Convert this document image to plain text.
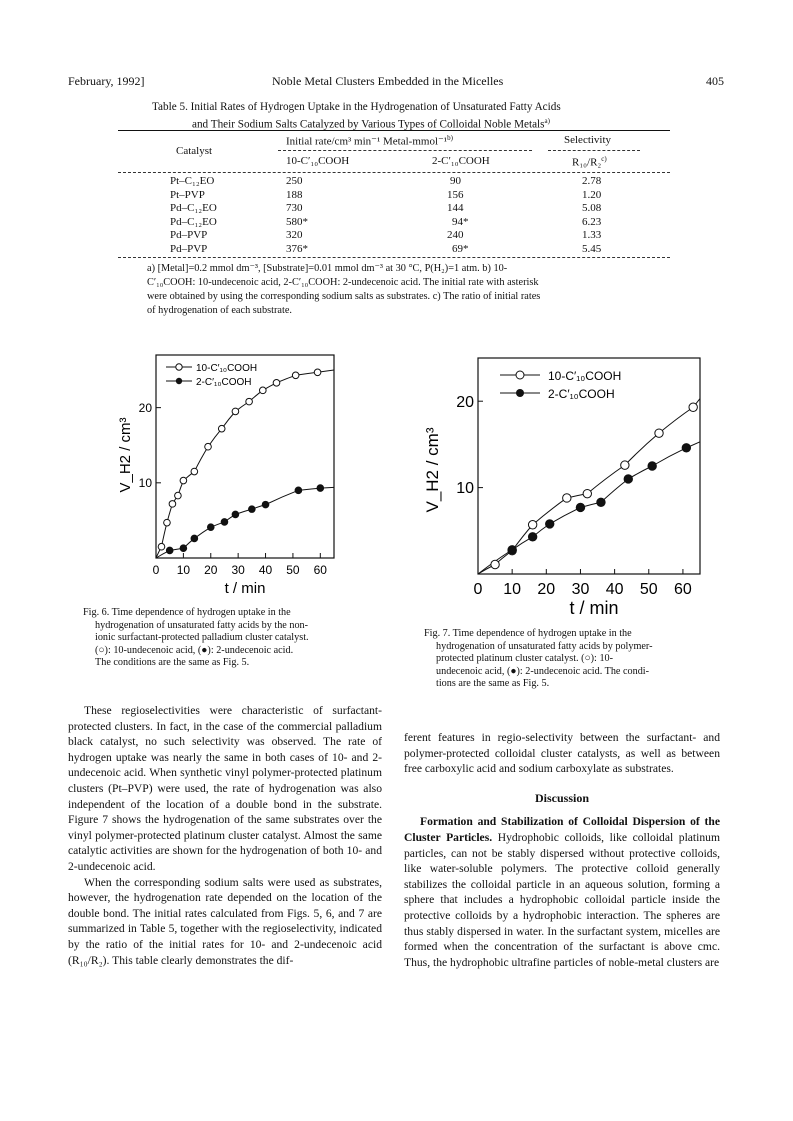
February, 1992]	Noble Metal Clusters Embedded in the Micelles	405
Table 5. Initial Rates of Hydrogen Uptake in the Hydrogenation of Unsaturated Fatty Acids
and Their Sodium Salts Catalyzed by Various Types of Colloidal Noble Metals$^{a)}$
Catalyst
Initial rate/cm³ min⁻¹ Metal-mmol⁻¹$^{b)}$	Selectivity
10-C′₁₀COOH	2-C′₁₀COOH	R₁₀/R₂$^{c)}$
Pt–C₁₂EO	250	90	2.78
Pt–PVP	188	156	1.20
Pd–C₁₂EO	730	144	5.08
Pd–C₁₂EO	580*	94*	6.23
Pd–PVP	320	240	1.33
Pd–PVP	376*	69*	5.45
a) [Metal]=0.2 mmol dm⁻³, [Substrate]=0.01 mmol dm⁻³ at 30 °C, P(H₂)=1 atm. b) 10-
C′₁₀COOH: 10-undecenoic acid, 2-C′₁₀COOH: 2-undecenoic acid. The initial rate with asterisk
were obtained by using the corresponding sodium salts as substrates. c) The ratio of initial rates
of hydrogenation of each substrate.
0 10 20 30 40 50 60
10
20
10-C′₁₀COOH
2-C′₁₀COOH
t / min
V_H2 / cm³
Fig. 6. Time dependence of hydrogen uptake in the
hydrogenation of unsaturated fatty acids by the non-
ionic surfactant-protected palladium cluster catalyst.
(○): 10-undecenoic acid, (●): 2-undecenoic acid.
The conditions are the same as Fig. 5.
0 10 20 30 40 50 60
10
20
10-C′₁₀COOH
2-C′₁₀COOH
t / min
V_H2 / cm³
Fig. 7. Time dependence of hydrogen uptake in the
hydrogenation of unsaturated fatty acids by polymer-
protected platinum cluster catalyst. (○): 10-
undecenoic acid, (●): 2-undecenoic acid. The condi-
tions are the same as Fig. 5.

These regioselectivities were characteristic of surfactant-protected clusters. In fact, in the case of the commercial palladium black catalyst, no such selectivity was observed. The rate of hydrogen uptake was nearly the same in both cases of 10- and 2-undecenoic acid. When synthetic vinyl polymer-protected platinum clusters (Pt–PVP) were used, the rate of hydrogenation was also independent of the location of a double bond in the substrate. Figure 7 shows the hydrogenation of the same substrates over the vinyl polymer-protected platinum cluster catalyst. Almost the same catalytic activities are shown for the hydrogenation of both 10- and 2-undecenoic acid.

When the corresponding sodium salts were used as substrates, however, the hydrogenation rate depended on the location of the double bond. The initial rates calculated from Figs. 5, 6, and 7 are summarized in Table 5, together with the regioselectivity, indicated by the ratio of the initial rates for 10- and 2-undecenoic acid (R₁₀/R₂). This table clearly demonstrates the dif-

ferent features in regio-selectivity between the surfactant- and polymer-protected colloidal cluster catalysts, as well as between free carboxylic acid and sodium carboxylate as substrates.

Discussion

Formation and Stabilization of Colloidal Dispersion of the Cluster Particles. Hydrophobic colloids, like colloidal platinum particles, can not be stably dispersed without protective colloids, like water-soluble polymers. The protective colloid generally stabilizes the colloidal particle in an aqueous solution, forming a sphere that includes a hydrophobic colloidal particle inside the protective colloids by a hydrophobic interaction. The spheres are thus stably dispersed in water. In the surfactant system, micelles are formed when the concentration of the surfactant is above cmc. Thus, the hydrophobic ultrafine particles of noble-metal clusters are
